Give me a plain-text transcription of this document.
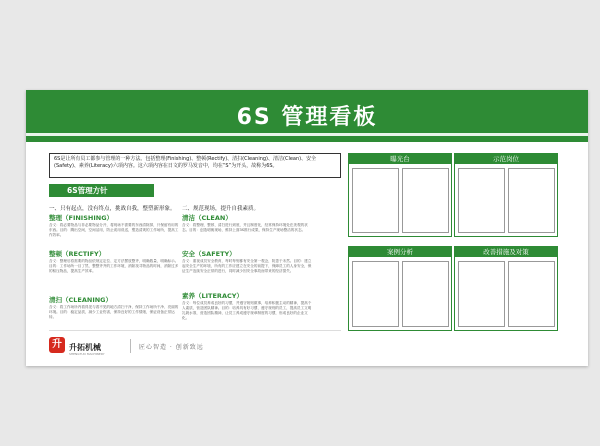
6S 管理看板
6S是让所有员工都参与管理的一种方法。包括整理(Finishing)、整顿(Rectify)、清扫(Cleaning)、清洁(Clean)、安全(Safety)、素养(Literacy)六项内容。这六项内容在日文的罗马发音中，均在“S”为开头，故称为6S。
6S管理方针
一、只有起点，没有终点，挑战自我，整塑新形象。 二、规范现场，提升自我素质。
整理（FINISHING）
含义：将必要物品与非必要物品分开，将现场不需要的东西清除掉，只保留有用的东西。目的：腾出空间，空间活用，防止误用误送，塑造清爽的工作场所，提高工作效率。
清洁（CLEAN）
含义：将整理、整顿、清扫进行到底，并且制度化，经常保持环境处在美观的状态。目的：创造明朗现场，维持上面3S推行成果，保持生产现场整洁的状态。
整顿（RECTIFY）
含义：整理后将需要的物品依规定定位、定方法摆放整齐，明确数量，明确标示。目的：工作场所一目了然，整整齐齐的工作环境，消除找寻物品的时间，消除过多的积压物品，提高生产效率。
安全（SAFETY）
含义：重视成员安全教育，每时每刻都有安全第一观念，防患于未然。目的：建立起安全生产的环境，所有的工作应建立在安全的前提下，保障员工的人身安全，保证生产连续安全正常的进行，同时减少因安全事故而带来的经济损失。
清扫（CLEANING）
含义：将工作场所内看得见与看不见的地方清扫干净，保持工作场所干净、亮丽的环境。目的：稳定品质，减少工业伤害，保持良好的工作情绪，保证设备正常运转。
素养（LITERACY）
含义：每位成员养成良好的习惯，并遵守规则做事，培养积极主动的精神，提高个人素质，营造团队精神。目的：培养具有好习惯、遵守规则的员工，提高员工文明礼貌水准，营造团队精神，让员工养成遵守规章制度的习惯，形成良好的企业文化。
升 升拓机械
SHENGTUO MACHINERY
匠心智造 · 创新致远
曝光台	示范岗位
案例分析	改善措施及对策
